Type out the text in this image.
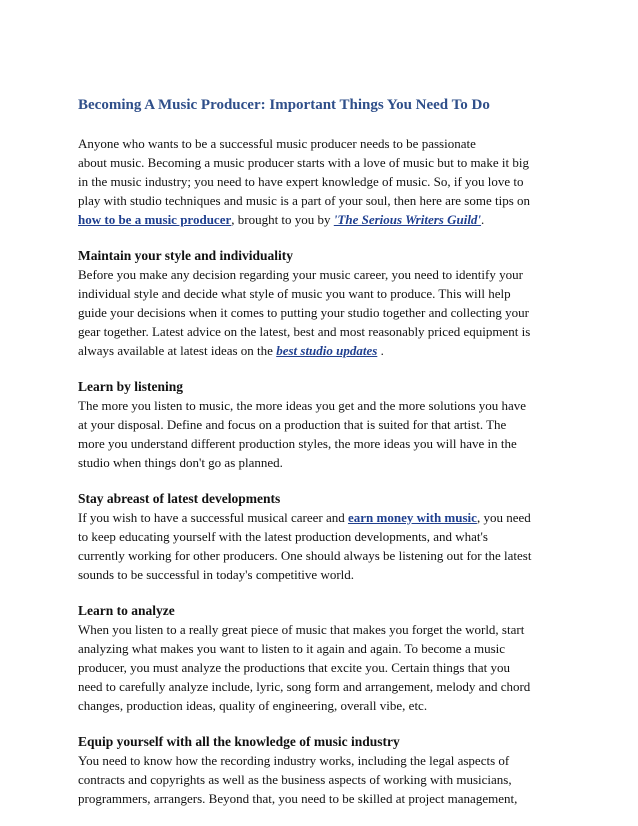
Becoming A Music Producer: Important Things You Need To Do
Anyone who wants to be a successful music producer needs to be passionate
about music. Becoming a music producer starts with a love of music but to make it big
in the music industry; you need to have expert knowledge of music. So, if you love to
play with studio techniques and music is a part of your soul, then here are some tips on
how to be a music producer, brought to you by 'The Serious Writers Guild'.
Maintain your style and individuality
Before you make any decision regarding your music career, you need to identify your
individual style and decide what style of music you want to produce. This will help
guide your decisions when it comes to putting your studio together and collecting your
gear together. Latest advice on the latest, best and most reasonably priced equipment is
always available at latest ideas on the best studio updates .
Learn by listening
The more you listen to music, the more ideas you get and the more solutions you have
at your disposal. Define and focus on a production that is suited for that artist. The
more you understand different production styles, the more ideas you will have in the
studio when things don't go as planned.
Stay abreast of latest developments
If you wish to have a successful musical career and earn money with music, you need
to keep educating yourself with the latest production developments, and what's
currently working for other producers. One should always be listening out for the latest
sounds to be successful in today's competitive world.
Learn to analyze
When you listen to a really great piece of music that makes you forget the world, start
analyzing what makes you want to listen to it again and again. To become a music
producer, you must analyze the productions that excite you. Certain things that you
need to carefully analyze include, lyric, song form and arrangement, melody and chord
changes, production ideas, quality of engineering, overall vibe, etc.
Equip yourself with all the knowledge of music industry
You need to know how the recording industry works, including the legal aspects of
contracts and copyrights as well as the business aspects of working with musicians,
programmers, arrangers. Beyond that, you need to be skilled at project management,
